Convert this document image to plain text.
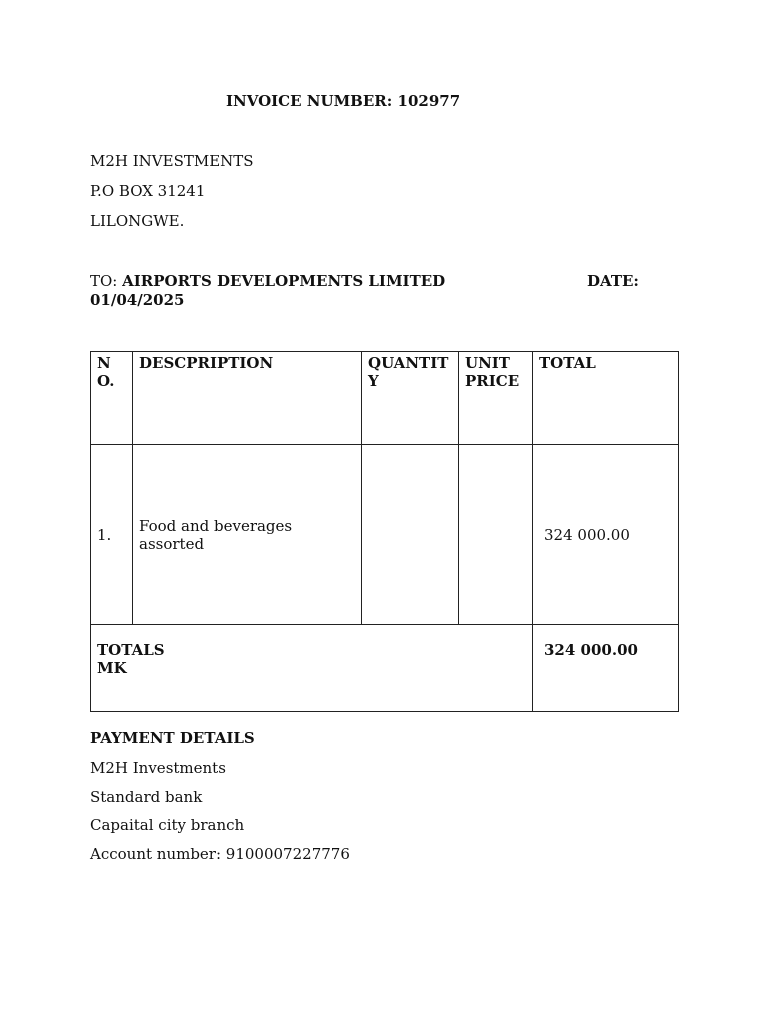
INVOICE NUMBER: 102977
M2H INVESTMENTS
P.O BOX 31241
LILONGWE.
TO: AIRPORTS DEVELOPMENTS LIMITED	DATE:

01/04/2025
NO.	DESCPRIPTION	QUANTITY	UNIT PRICE	TOTAL
1.	Food and beverages assorted			324 000.00
TOTALS MK				324 000.00
PAYMENT DETAILS
M2H Investments
Standard bank
Capaital city branch
Account number: 9100007227776
